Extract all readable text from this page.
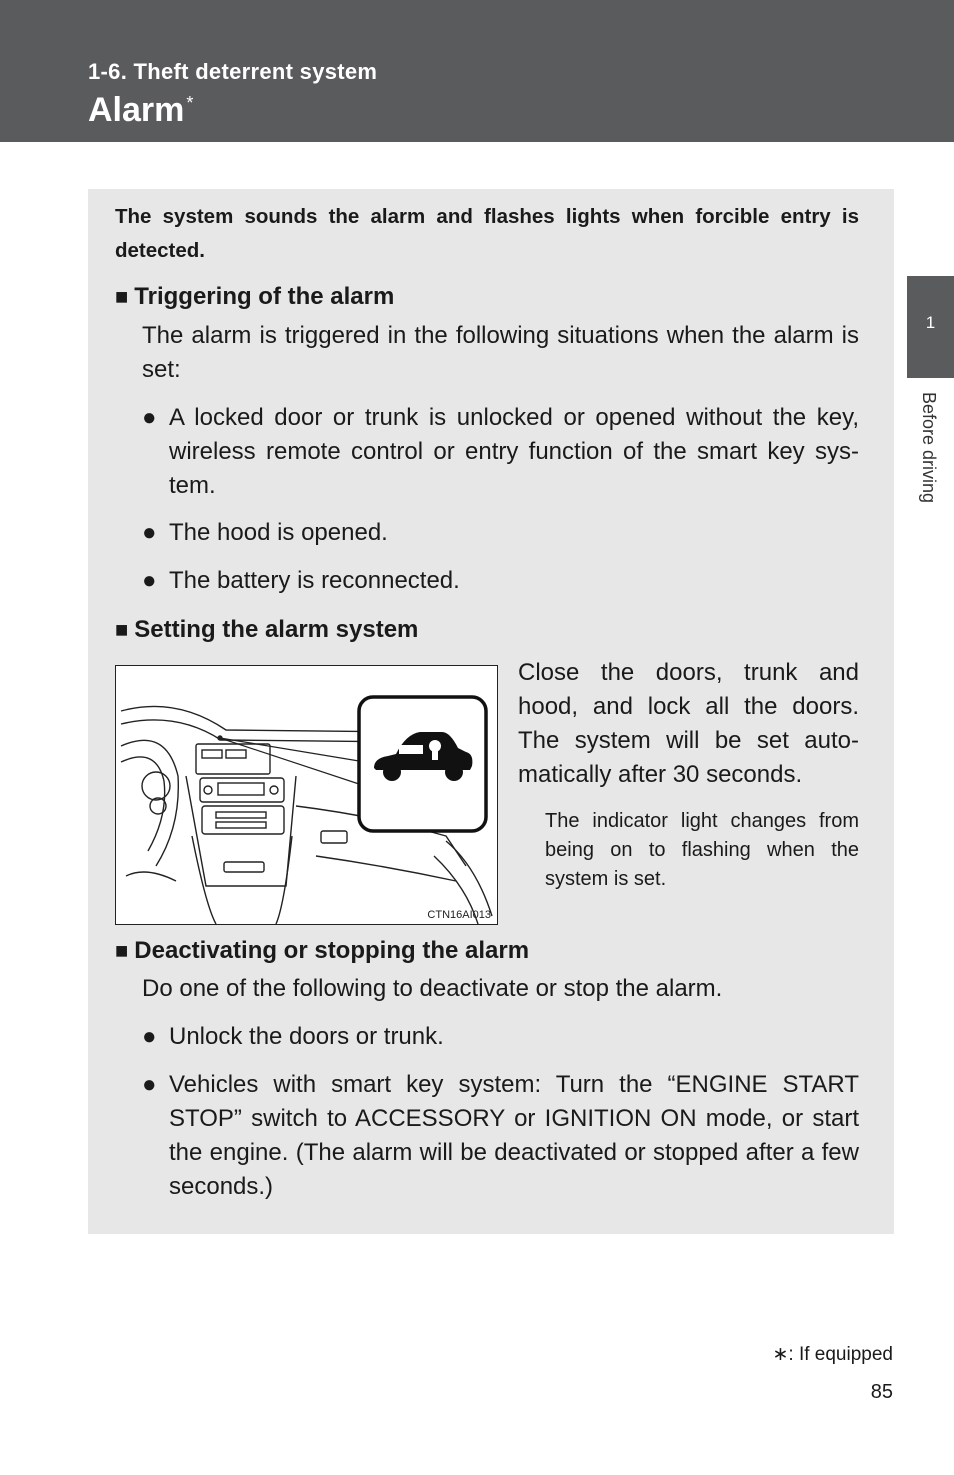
1-6. Theft deterrent system
Alarm *
1
Before driving
The system sounds the alarm and flashes lights when forcible entry is detected.
■ Triggering of the alarm
The alarm is triggered in the following situations when the alarm is set:
● A locked door or trunk is unlocked or opened without the key, wireless remote control or entry function of the smart key sys-tem.
● The hood is opened.
● The battery is reconnected.
■ Setting the alarm system
CTN16AI013
Close the doors, trunk and hood, and lock all the doors. The system will be set auto-matically after 30 seconds.
The indicator light changes from being on to flashing when the system is set.
■ Deactivating or stopping the alarm
Do one of the following to deactivate or stop the alarm.
● Unlock the doors or trunk.
● Vehicles with smart key system: Turn the “ENGINE START STOP” switch to ACCESSORY or IGNITION ON mode, or start the engine. (The alarm will be deactivated or stopped after a few seconds.)
∗: If equipped
85
